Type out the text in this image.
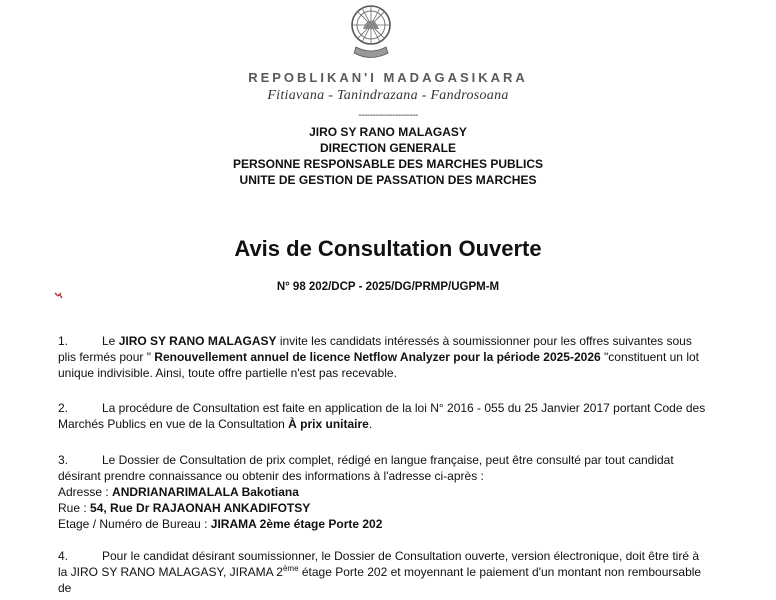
REPOBLIKAN'I MADAGASIKARA
Fitiavana - Tanindrazana - Fandrosoana
---------------------
JIRO SY RANO MALAGASY
DIRECTION GENERALE
PERSONNE RESPONSABLE DES MARCHES PUBLICS
UNITE DE GESTION DE PASSATION DES MARCHES
Avis de Consultation Ouverte
N° 98 202/DCP - 2025/DG/PRMP/UGPM-M
1.	Le JIRO SY RANO MALAGASY invite les candidats intéressés à soumissionner pour les offres suivantes sous
plis fermés pour " Renouvellement annuel de licence Netflow Analyzer pour la période 2025-2026 "constituent un lot
unique indivisible. Ainsi, toute offre partielle n'est pas recevable.
2.	La procédure de Consultation est faite en application de la loi N° 2016 - 055 du 25 Janvier 2017 portant Code des
Marchés Publics en vue de la Consultation À prix unitaire.
3.	Le Dossier de Consultation de prix complet, rédigé en langue française, peut être consulté par tout candidat
désirant prendre connaissance ou obtenir des informations à l'adresse ci-après :
Adresse : ANDRIANARIMALALA Bakotiana
Rue : 54, Rue Dr RAJAONAH ANKADIFOTSY
Etage / Numéro de Bureau : JIRAMA 2ème étage Porte 202
4.	Pour le candidat désirant soumissionner, le Dossier de Consultation ouverte, version électronique, doit être tiré à
la JIRO SY RANO MALAGASY, JIRAMA 2ème étage Porte 202 et moyennant le paiement d'un montant non remboursable
de
